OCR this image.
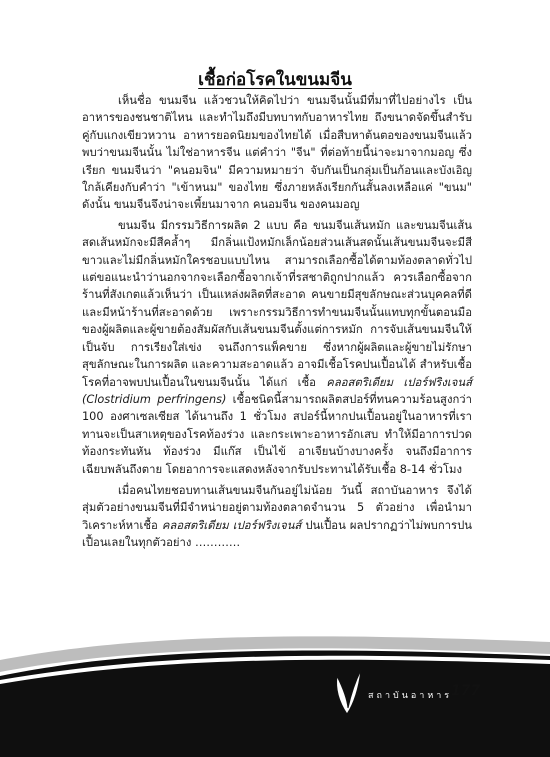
เชื้อก่อโรคในขนมจีน

เห็นชื่อ ขนมจีน แล้วชวนให้คิดไปว่า ขนมจีนนั้นมีที่มาที่ไปอย่างไร เป็นอาหารของชนชาติไหน และทำไมถึงมีบทบาทกับอาหารไทย ถึงขนาดจัดขึ้นสำรับคู่กับแกงเขียวหวาน อาหารยอดนิยมของไทยได้ เมื่อสืบหาต้นตอของขนมจีนแล้วพบว่าขนมจีนนั้น ไม่ใช่อาหารจีน แต่คำว่า "จีน" ที่ต่อท้ายนี้น่าจะมาจากมอญ ซึ่งเรียก ขนมจีนว่า "คนอมจิน" มีความหมายว่า จับกันเป็นกลุ่มเป็นก้อนและบังเอิญใกล้เคียงกับคำว่า "เข้าหนม" ของไทย ซึ่งภายหลังเรียกกันสั้นลงเหลือแค่ "ขนม" ดังนั้น ขนมจีนจึงน่าจะเพี้ยนมาจาก คนอมจีน ของคนมอญ

ขนมจีน มีกรรมวิธีการผลิต 2 แบบ คือ ขนมจีนเส้นหมัก และขนมจีนเส้นสดเส้นหมักจะมีสีคล้ำๆ มีกลิ่นแป้งหมักเล็กน้อยส่วนเส้นสดนั้นเส้นขนมจีนจะมีสีขาวและไม่มีกลิ่นหมักใครชอบแบบไหน สามารถเลือกซื้อได้ตามท้องตลาดทั่วไปแต่ขอแนะนำว่านอกจากจะเลือกซื้อจากเจ้าที่รสชาติถูกปากแล้ว ควรเลือกซื้อจากร้านที่สังเกตแล้วเห็นว่า เป็นแหล่งผลิตที่สะอาด คนขายมีสุขลักษณะส่วนบุคคลที่ดี และมีหน้าร้านที่สะอาดด้วย เพราะกรรมวิธีการทำขนมจีนนั้นแทบทุกขั้นตอนมือของผู้ผลิตและผู้ขายต้องสัมผัสกับเส้นขนมจีนตั้งแต่การหมัก การจับเส้นขนมจีนให้เป็นจับ การเรียงใส่เข่ง จนถึงการแพ็คขาย ซึ่งหากผู้ผลิตและผู้ขายไม่รักษาสุขลักษณะในการผลิต และความสะอาดแล้ว อาจมีเชื้อโรคปนเปื้อนได้ สำหรับเชื้อโรคที่อาจพบปนเปื้อนในขนมจีนนั้น ได้แก่ เชื้อ คลอสตริเดียม เปอร์ฟริงเจนส์ (Clostridium perfringens) เชื้อชนิดนี้สามารถผลิตสปอร์ที่ทนความร้อนสูงกว่า 100 องศาเซลเซียส ได้นานถึง 1 ชั่วโมง สปอร์นี้หากปนเปื้อนอยู่ในอาหารที่เราทานจะเป็นสาเหตุของโรคท้องร่วง และกระเพาะอาหารอักเสบ ทำให้มีอาการปวดท้องกระทันหัน ท้องร่วง มีแก๊ส เป็นไข้ อาเจียนบ้างบางครั้ง จนถึงมีอาการเฉียบพลันถึงตาย โดยอาการจะแสดงหลังจากรับประทานได้รับเชื้อ 8-14 ชั่วโมง

เมื่อคนไทยชอบทานเส้นขนมจีนกันอยู่ไม่น้อย วันนี้ สถาบันอาหาร จึงได้สุ่มตัวอย่างขนมจีนที่มีจำหน่ายอยู่ตามท้องตลาดจำนวน 5 ตัวอย่าง เพื่อนำมาวิเคราะห์หาเชื้อ คลอสตริเดียม เปอร์ฟริงเจนส์ ปนเปื้อน ผลปรากฏว่าไม่พบการปนเปื้อนเลยในทุกตัวอย่าง …………

สถาบันอาหาร
177
